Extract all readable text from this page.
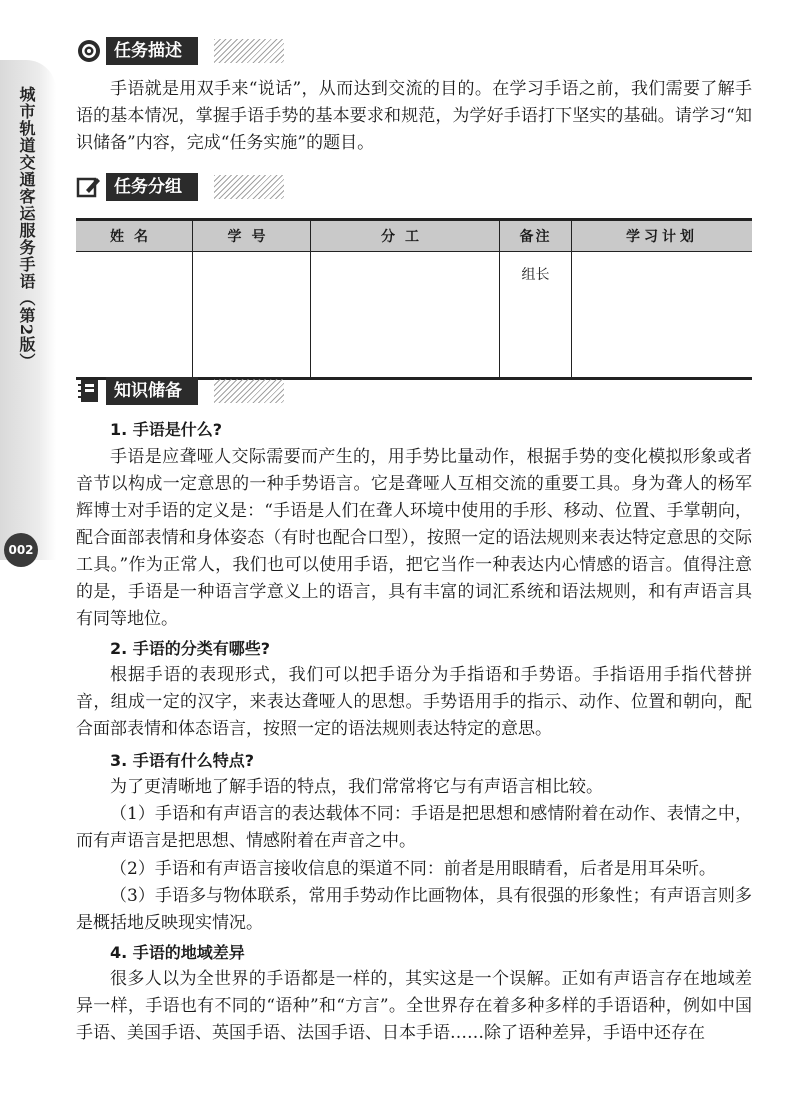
城市轨道交通客运服务手语（第2版）
002
任务描述

手语就是用双手来“说话”，从而达到交流的目的。在学习手语之前，我们需要了解手语的基本情况，掌握手语手势的基本要求和规范，为学好手语打下坚实的基础。请学习“知识储备”内容，完成“任务实施”的题目。

任务分组
姓名	学号	分工	备注	学习计划
			组长	
知识储备

1. 手语是什么?

手语是应聋哑人交际需要而产生的，用手势比量动作，根据手势的变化模拟形象或者音节以构成一定意思的一种手势语言。它是聋哑人互相交流的重要工具。身为聋人的杨军辉博士对手语的定义是：“手语是人们在聋人环境中使用的手形、移动、位置、手掌朝向，配合面部表情和身体姿态（有时也配合口型），按照一定的语法规则来表达特定意思的交际工具。”作为正常人，我们也可以使用手语，把它当作一种表达内心情感的语言。值得注意的是，手语是一种语言学意义上的语言，具有丰富的词汇系统和语法规则，和有声语言具有同等地位。

2. 手语的分类有哪些?

根据手语的表现形式，我们可以把手语分为手指语和手势语。手指语用手指代替拼音，组成一定的汉字，来表达聋哑人的思想。手势语用手的指示、动作、位置和朝向，配合面部表情和体态语言，按照一定的语法规则表达特定的意思。

3. 手语有什么特点?

为了更清晰地了解手语的特点，我们常常将它与有声语言相比较。

（1）手语和有声语言的表达载体不同：手语是把思想和感情附着在动作、表情之中，而有声语言是把思想、情感附着在声音之中。

（2）手语和有声语言接收信息的渠道不同：前者是用眼睛看，后者是用耳朵听。

（3）手语多与物体联系，常用手势动作比画物体，具有很强的形象性；有声语言则多是概括地反映现实情况。

4. 手语的地域差异

很多人以为全世界的手语都是一样的，其实这是一个误解。正如有声语言存在地域差异一样，手语也有不同的“语种”和“方言”。全世界存在着多种多样的手语语种，例如中国手语、美国手语、英国手语、法国手语、日本手语……除了语种差异，手语中还存在
